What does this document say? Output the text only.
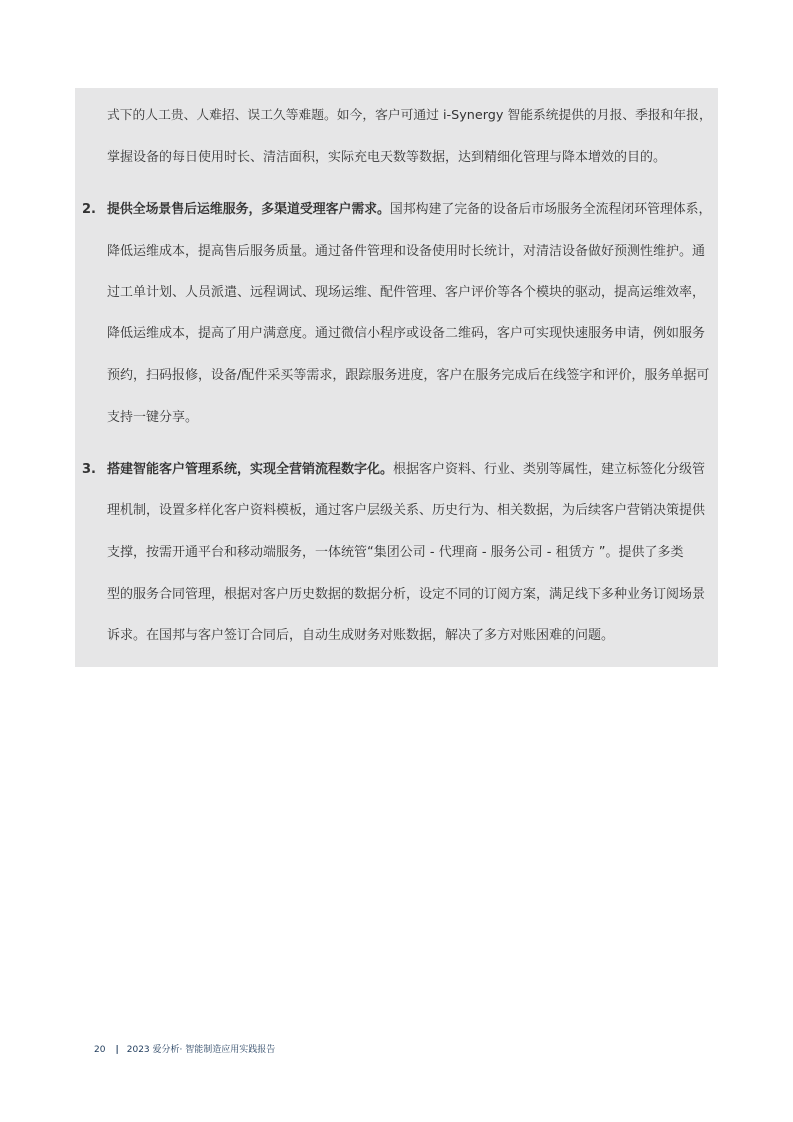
式下的人工贵、人难招、误工久等难题。如今，客户可通过 i-Synergy 智能系统提供的月报、季报和年报，
掌握设备的每日使用时长、清洁面积，实际充电天数等数据，达到精细化管理与降本增效的目的。
2. 提供全场景售后运维服务，多渠道受理客户需求。国邦构建了完备的设备后市场服务全流程闭环管理体系，
降低运维成本，提高售后服务质量。通过备件管理和设备使用时长统计，对清洁设备做好预测性维护。通
过工单计划、人员派遣、远程调试、现场运维、配件管理、客户评价等各个模块的驱动，提高运维效率，
降低运维成本，提高了用户满意度。通过微信小程序或设备二维码，客户可实现快速服务申请，例如服务
预约，扫码报修，设备/配件采买等需求，跟踪服务进度，客户在服务完成后在线签字和评价，服务单据可
支持一键分享。
3. 搭建智能客户管理系统，实现全营销流程数字化。根据客户资料、行业、类别等属性，建立标签化分级管
理机制，设置多样化客户资料模板，通过客户层级关系、历史行为、相关数据，为后续客户营销决策提供
支撑，按需开通平台和移动端服务，一体统管“集团公司 - 代理商 - 服务公司 - 租赁方 ”。提供了多类
型的服务合同管理，根据对客户历史数据的数据分析，设定不同的订阅方案，满足线下多种业务订阅场景
诉求。在国邦与客户签订合同后，自动生成财务对账数据，解决了多方对账困难的问题。
20 | 2023 爱分析· 智能制造应用实践报告
